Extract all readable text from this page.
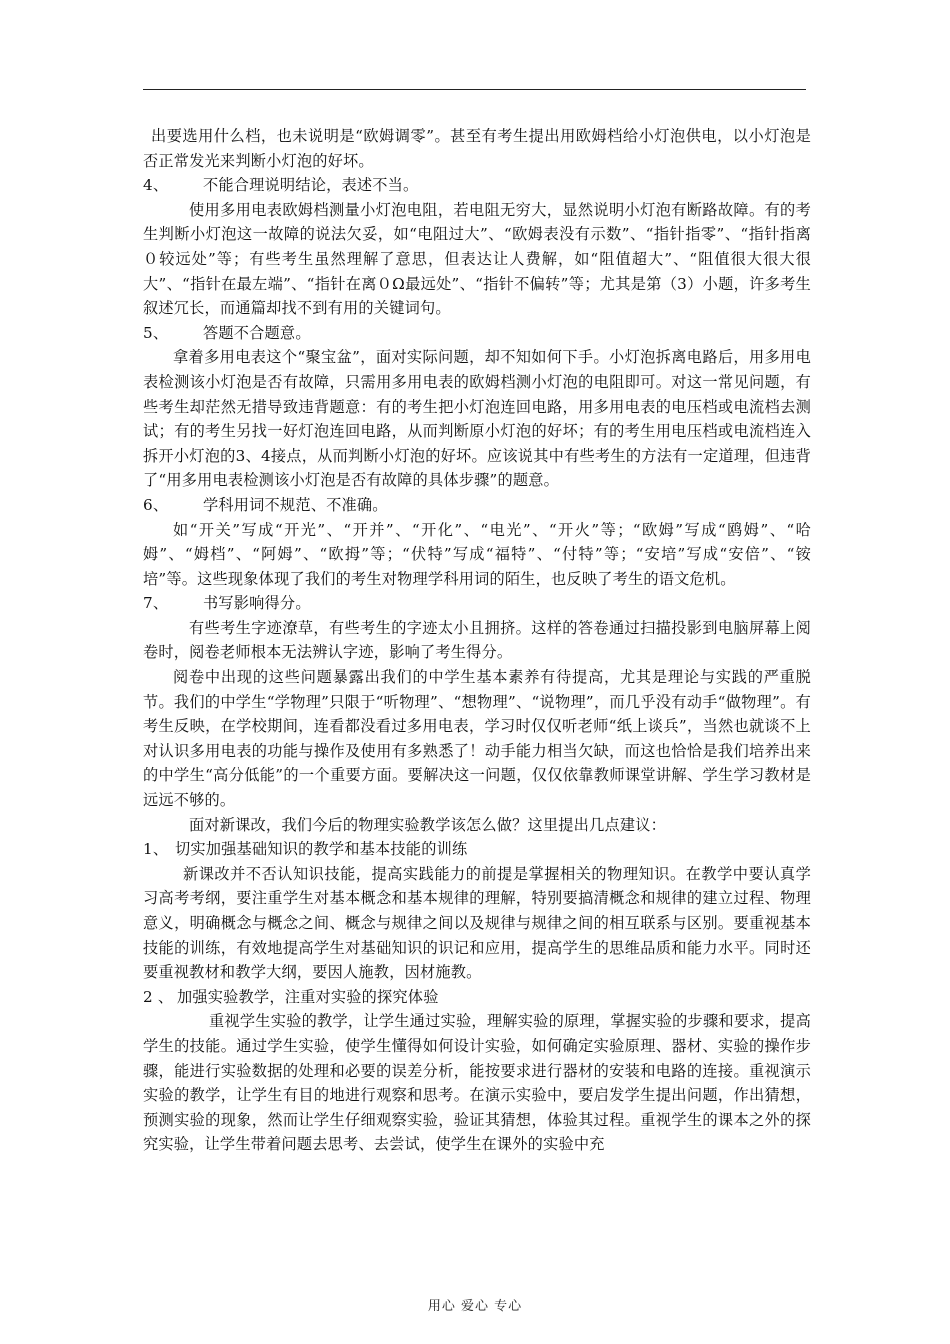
出要选用什么档，也未说明是“欧姆调零”。甚至有考生提出用欧姆档给小灯泡供电，以小灯泡是否正常发光来判断小灯泡的好坏。

4、	不能合理说明结论，表述不当。

使用多用电表欧姆档测量小灯泡电阻，若电阻无穷大，显然说明小灯泡有断路故障。有的考生判断小灯泡这一故障的说法欠妥，如“电阻过大”、“欧姆表没有示数”、“指针指零”、“指针指离０较远处”等；有些考生虽然理解了意思，但表达让人费解，如“阻值超大”、“阻值很大很大很大”、“指针在最左端”、“指针在离０Ω最远处”、“指针不偏转”等；尤其是第（3）小题，许多考生叙述冗长，而通篇却找不到有用的关键词句。

5、	答题不合题意。

拿着多用电表这个“聚宝盆”，面对实际问题，却不知如何下手。小灯泡拆离电路后，用多用电表检测该小灯泡是否有故障，只需用多用电表的欧姆档测小灯泡的电阻即可。对这一常见问题，有些考生却茫然无措导致违背题意：有的考生把小灯泡连回电路，用多用电表的电压档或电流档去测试；有的考生另找一好灯泡连回电路，从而判断原小灯泡的好坏；有的考生用电压档或电流档连入拆开小灯泡的3、4接点，从而判断小灯泡的好坏。应该说其中有些考生的方法有一定道理，但违背了“用多用电表检测该小灯泡是否有故障的具体步骤”的题意。

6、	学科用词不规范、不准确。

如“开关”写成“开光”、“开并”、“开化”、“电光”、“开火”等；“欧姆”写成“鸥姆”、“哈姆”、“姆档”、“阿姆”、“欧拇”等；“伏特”写成“福特”、“付特”等；“安培”写成“安倍”、“铵培”等。这些现象体现了我们的考生对物理学科用词的陌生，也反映了考生的语文危机。

7、	书写影响得分。

有些考生字迹潦草，有些考生的字迹太小且拥挤。这样的答卷通过扫描投影到电脑屏幕上阅卷时，阅卷老师根本无法辨认字迹，影响了考生得分。

阅卷中出现的这些问题暴露出我们的中学生基本素养有待提高，尤其是理论与实践的严重脱节。我们的中学生“学物理”只限于“听物理”、“想物理”、“说物理”，而几乎没有动手“做物理”。有考生反映，在学校期间，连看都没看过多用电表，学习时仅仅听老师“纸上谈兵”，当然也就谈不上对认识多用电表的功能与操作及使用有多熟悉了！动手能力相当欠缺，而这也恰恰是我们培养出来的中学生“高分低能”的一个重要方面。要解决这一问题，仅仅依靠教师课堂讲解、学生学习教材是远远不够的。

面对新课改，我们今后的物理实验教学该怎么做？这里提出几点建议：

1、 切实加强基础知识的教学和基本技能的训练

新课改并不否认知识技能，提高实践能力的前提是掌握相关的物理知识。在教学中要认真学习高考考纲，要注重学生对基本概念和基本规律的理解，特别要搞清概念和规律的建立过程、物理意义，明确概念与概念之间、概念与规律之间以及规律与规律之间的相互联系与区别。要重视基本技能的训练，有效地提高学生对基础知识的识记和应用，提高学生的思维品质和能力水平。同时还要重视教材和教学大纲，要因人施教，因材施教。

2 、 加强实验教学，注重对实验的探究体验

重视学生实验的教学，让学生通过实验，理解实验的原理，掌握实验的步骤和要求，提高学生的技能。通过学生实验，使学生懂得如何设计实验，如何确定实验原理、器材、实验的操作步骤，能进行实验数据的处理和必要的误差分析，能按要求进行器材的安装和电路的连接。重视演示实验的教学，让学生有目的地进行观察和思考。在演示实验中，要启发学生提出问题，作出猜想，预测实验的现象，然而让学生仔细观察实验，验证其猜想，体验其过程。重视学生的课本之外的探究实验，让学生带着问题去思考、去尝试，使学生在课外的实验中充

用心 爱心 专心
